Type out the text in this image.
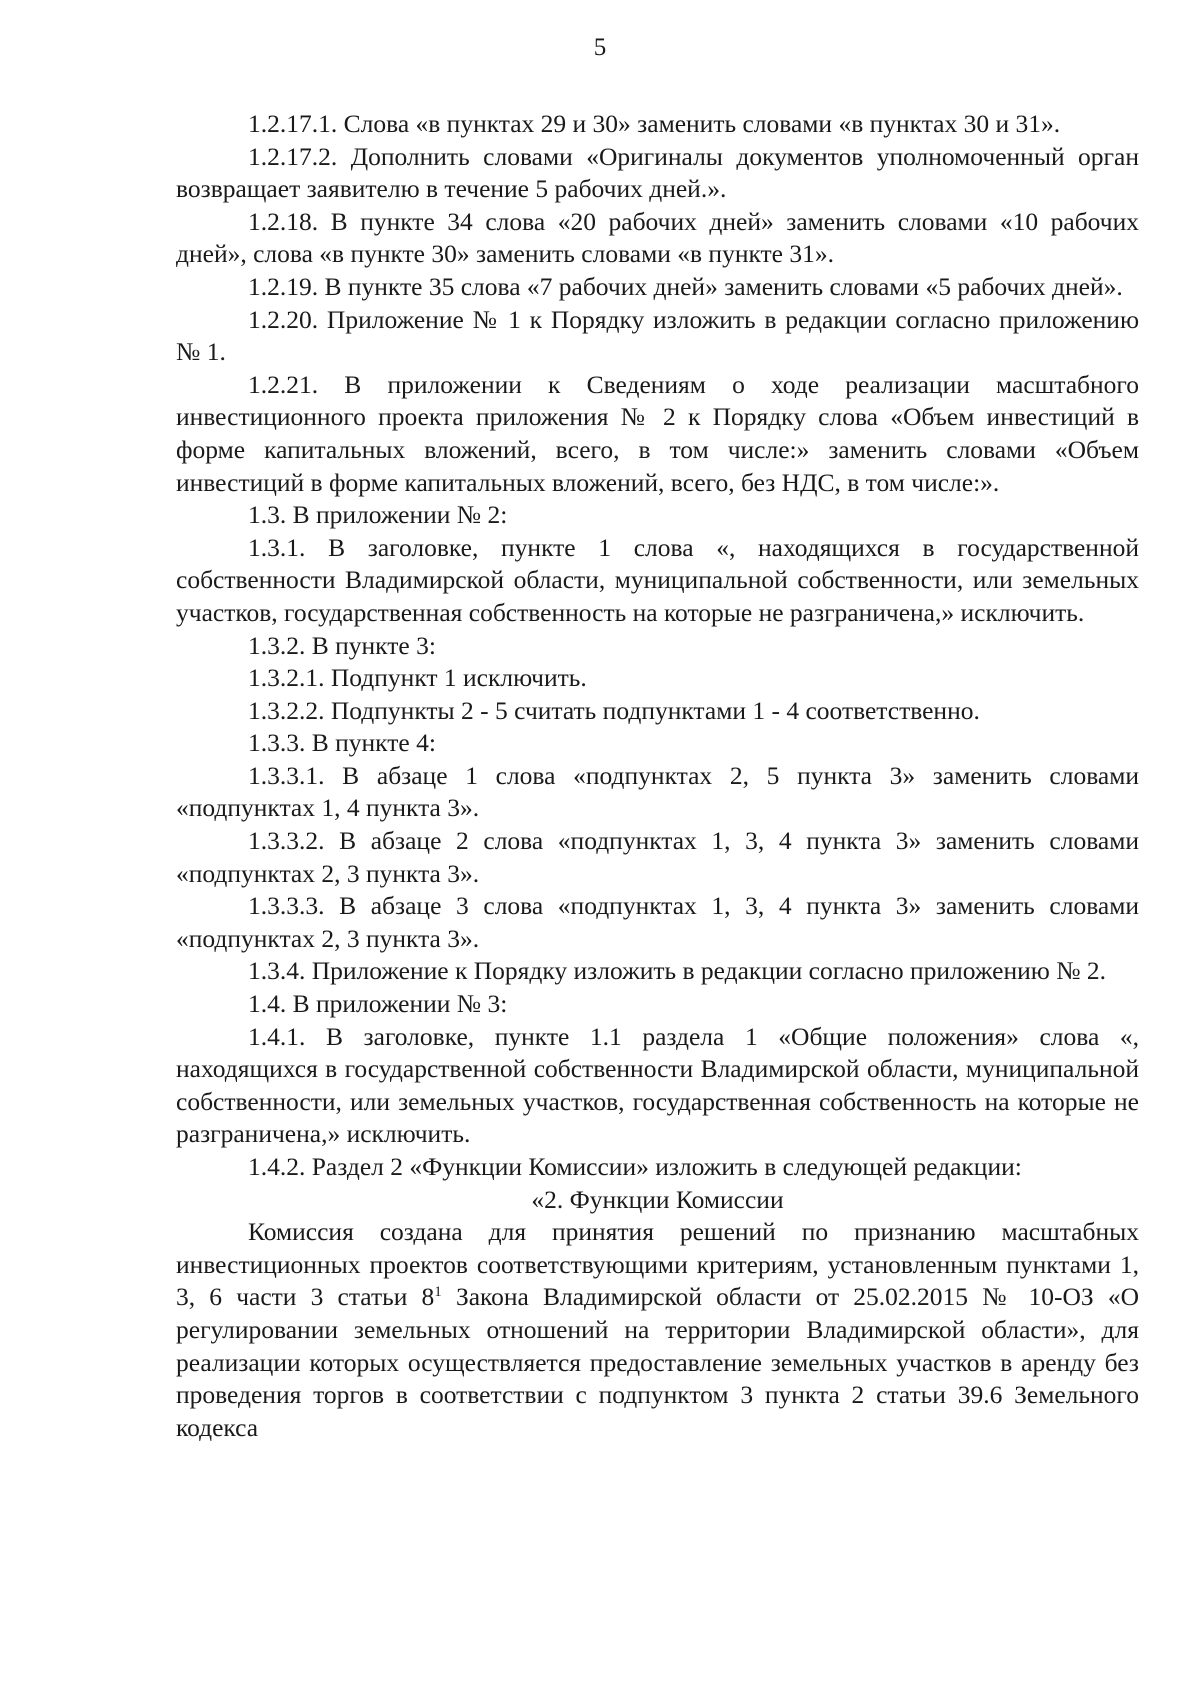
5

1.2.17.1. Слова «в пунктах 29 и 30» заменить словами «в пунктах 30 и 31».

1.2.17.2. Дополнить словами «Оригиналы документов уполномоченный орган возвращает заявителю в течение 5 рабочих дней.».

1.2.18. В пункте 34 слова «20 рабочих дней» заменить словами «10 рабочих дней», слова «в пункте 30» заменить словами «в пункте 31».

1.2.19. В пункте 35 слова «7 рабочих дней» заменить словами «5 рабочих дней».

1.2.20. Приложение № 1 к Порядку изложить в редакции согласно приложению № 1.

1.2.21. В приложении к Сведениям о ходе реализации масштабного инвестиционного проекта приложения № 2 к Порядку слова «Объем инвестиций в форме капитальных вложений, всего, в том числе:» заменить словами «Объем инвестиций в форме капитальных вложений, всего, без НДС, в том числе:».

1.3. В приложении № 2:

1.3.1. В заголовке, пункте 1 слова «, находящихся в государственной собственности Владимирской области, муниципальной собственности, или земельных участков, государственная собственность на которые не разграничена,» исключить.

1.3.2. В пункте 3:

1.3.2.1. Подпункт 1 исключить.

1.3.2.2. Подпункты 2 - 5 считать подпунктами 1 - 4 соответственно.

1.3.3. В пункте 4:

1.3.3.1. В абзаце 1 слова «подпунктах 2, 5 пункта 3» заменить словами «подпунктах 1, 4 пункта 3».

1.3.3.2. В абзаце 2 слова «подпунктах 1, 3, 4 пункта 3» заменить словами «подпунктах 2, 3 пункта 3».

1.3.3.3. В абзаце 3 слова «подпунктах 1, 3, 4 пункта 3» заменить словами «подпунктах 2, 3 пункта 3».

1.3.4. Приложение к Порядку изложить в редакции согласно приложению № 2.

1.4. В приложении № 3:

1.4.1. В заголовке, пункте 1.1 раздела 1 «Общие положения» слова «, находящихся в государственной собственности Владимирской области, муниципальной собственности, или земельных участков, государственная собственность на которые не разграничена,» исключить.

1.4.2. Раздел 2 «Функции Комиссии» изложить в следующей редакции:

«2. Функции Комиссии

Комиссия создана для принятия решений по признанию масштабных инвестиционных проектов соответствующими критериям, установленным пунктами 1, 3, 6 части 3 статьи $8^1$ Закона Владимирской области от 25.02.2015 № 10-ОЗ «О регулировании земельных отношений на территории Владимирской области», для реализации которых осуществляется предоставление земельных участков в аренду без проведения торгов в соответствии с подпунктом 3 пункта 2 статьи 39.6 Земельного кодекса
